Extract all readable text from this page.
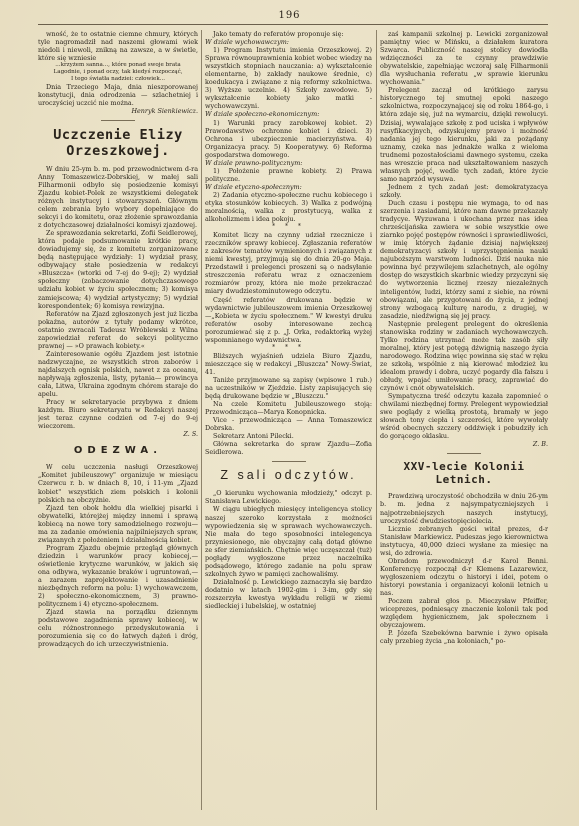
196

wność, że to ostatnie ciemne chmury, których tyle nagromadził nad naszemi głowami wiek niedoli i niewoli, znikną na zawsze, a w świetle, które się wzniesie

...krzyżem sanna..., które ponad swoje brata
Lagodnie, i ponad oczy, tak kiedyś rozpocząć,
I tego światła nadziei: człowiek...

Dnia Trzeciego Maja, dnia nieszporowanej konstytucji, dnia odrodzenia — szlachetniej i uroczyściej uczcić nie można.

Henryk Sienkiewicz.
Uczczenie Elizy Orzeszkowej.

W dniu 25-ym b. m. pod przewodnictwem d-ra Anny Tomaszewicz-Dobrskiej, w małej sali Filharmonii odbyło się posiedzenie komisyi Zjazdu kobiet-Polek ze wszystkiemi delegatek różnych instytucyj i stowarzyszeń. Głównym celem zebrania było wybory dopełniające do sekcyi i do komitetu, oraz złożenie sprawozdania z dotychczasowej działalności komisyi zjazdowej.

Ze sprawozdania sekretarki, Zofii Seidlerowej, która podaje podsumowanie krótkie pracy, dowiadujemy się, że z komitetu zorganizowane będą następujące wydziały: 1) wydział prasy, odbywający stałe posiedzenia w redakcyi »Bluszcza« (wtorki od 7-ej do 9-ej); 2) wydział społeczny (zobaczowanie dotychczasowego udziału kobiet w życiu społecznem; 3) komisya zamiejscowa; 4) wydział artystyczny; 5) wydział korespondentek; 6) komisya rewizyjna.

Referatów na Zjazd zgłoszonych jest już liczba pokaźna, autorów z tytuły podamy wkrótce, ostatnio zwracali Tadeusz Wróblewski z Wilna zapowiedział referat do sekcyi polityczno prawnej — »O prawach kobiety.«

Zainteresowanie ogółu Zjazdem jest istotnie nadzwyczajne, ze wszystkich stron zaborów i najdalszych ognisk polskich, nawet z za oceanu, napływają zgłoszenia, listy, pytania— prowincya cała, Litwa, Ukraina zgodnym chórem staraje do apelu.

Pracy w sekretaryacie przybywa z dniem każdym. Biuro sekretaryatu w Redakcyi naszej jest teraz czynne codzień od 7-ej do 9-ej wieczorem.

Z. S.
ODEZWA.

W celu uczczenia nasługi Orzeszkowej „Komitet jubileuszowy" organizuje w miesiącu Czerwcu r. b. w dniach 8, 10, i 11-ym „Zjazd kobiet" wszystkich ziem polskich i kolonii polskich na obczyźnie.

Zjazd ten obok hołdu dla wielkiej pisarki i obywatelki, którejżej między innemi i sprawą kobiecą na nowe tory samodzielnego rozwoju—ma za zadanie omówienia najpilniejszych spraw, związanych z położeniem i działalnością kobiet.

Program Zjazdu obejmie przegląd głównych dziedzin i warunków pracy kobiecej,—oświetlenie krytyczne warunków, w jakich się ona odbywa, wykazanie braków i ugruntowań,—a zarazem zaprojektowanie i uzasadnienie niezbędnych reform na polu: 1) wychowawczem, 2) społeczno-ekonomicznem, 3) prawno-politycznem i 4) etyczno-społecznem.

Zjazd stawia na porządku dziennym podstawowe zagadnienia sprawy kobiecej, w celu różnostronnego przedyskutowania i porozumienia się co do łatwych dążeń i dróg, prowadzących do ich urzeczywistnienia.

Jako tematy do referatów proponuje się:

W dziale wychowawczym:

1) Program Instytutu imienia Orzeszkowej. 2) Sprawa równouprawnienia kobiet wobec wiedzy na wszystkich stopniach nauczania: a) wykształcenie elementarne, b) zakłady naukowe średnie, c) koedukacya i związane z nią reformy szkolnictwa. 3) Wyższe uczelnie. 4) Szkoły zawodowe. 5) wykształcenie kobiety jako matki - wychowawczyni.

W dziale społeczno-ekonomicznym:

1) Warunki pracy zarobkowej kobiet. 2) Prawodawstwo ochronne kobiet i dzieci. 3) Ochrona i ubezpieczenie macierzyństwa. 4) Organizacya pracy. 5) Kooperatywy. 6) Reforma gospodarstwa domowego.

W dziale prawno-politycznym:

1) Położenie prawne kobiety. 2) Prawa polityczne.

W dziale etyczno-społecznym:

2) Zadania etyczno-społeczne ruchu kobiecego i etyka stosunków kobiecych. 3) Walka z podwójną moralnością, walka z prostytucyą, walka z alkoholizmem i idea pokoju.

* * *

Komitet liczy na czynny udział rzecznicze i rzeczników sprawy kobiecej. Zgłaszania referatów z zakresów tematów wymienionych i związanych z niemi kwestyj, przyjmują się do dnia 20-go Maja. Przedstawił i prelegenci proszeni są o nadsyłanie streszczenia referatu wraz z oznaczeniem rozmiarów prozy, która nie może przekraczać miary dwudziestominutowego odczytu.

Część referatów drukowana będzie w wydawnictwie jubileuszowem imienia Orzeszkowej—„Kobieta w życiu społecznem." W kwestyi druku referatów osoby interesowane zechcą porozumiewać się z p. „J. Orka, redaktorką wyżej wspomnianego wydawnictwa.

* * *

Bliższych wyjaśnień udziela Biuro Zjazdu, mieszczące się w redakcyi „Bluszcza" Nowy-Świat, 41.

Taniże przyjmowane są zapisy (wpisowe 1 rub.) na uczestników w Zjeździe. Listy zapisujących się będą drukowane będzie w „Bluszczu."

Na czele Komitetu Jubileuszowego stoją: Przewodnicząca—Marya Konopnicka.

Vice - przewodnicząca — Anna Tomaszewicz Dobrska.

Sekretarz Antoni Pilecki.

Główna sekretarka do spraw Zjazdu—Zofia Seidlerowa.

Z sali odczytów.

„O kierunku wychowania młodzieży," odczyt p. Stanisława Lewickiego.

W ciągu ubiegłych miesięcy inteligencya stolicy naszej szeroko korzystała z możności wypowiedzenia się w sprawach wychowawczych. Nie mała do tego sposobności intelegencya przyniesionego, nie obyczajny całą dotąd główne ze sfer ziemiańskich. Chętnie więc uczęszczał (tuż) pogłądy wygłoszone przez naczelnika podsądowego, którego zadanie na polu spraw szkolnych żywo w pamięci zachowaliśmy.

Działalność p. Lewickiego zaznaczyła się bardzo dodatnio w latach 1902-gim i 3-im, gdy się rozszerzyła kwestya wykładu religii w ziemi siedleckiej i lubelskiej, w ostatniej

zaś kampanii szkolnej p. Lewicki zorganizował pamiętny wiec w Mińsku, a działałem kuratora Szwarca. Publiczność naszej stolicy dowiodła wdzięczności za te czynny prawdziwie obywatelskie, zapełniając wczoraj salę Filharmonii dla wysłuchania referatu „w sprawie kierunku wychowania."

Prelegent zaczął od krótkiego zarysu historycznego tej smutnej epoki naszego szkolnictwa, rozpoczynającej się od roku 1864-go, i która zdaje się, już na wymarciu, dzięki rewolucyi. Dzisiaj, wywalające szkołę z pod uciska i wpływów rusyfikacyjnych, odzyskujemy prawo i możność nadania jej tego kierunku, jaki za pożądany uznamy, czeka nas jednakże walka z wieloma trudnemi pozostałościami dawnego systemu, czeka nas wreszcie praca nad ukształtowaniem naszych własnych pojęć, wedle tych zadań, które życie samo naprzód wysuwa.

Jednem z tych zadań jest: demokratyzacya szkoły.

Duch czasu i postępu nie wymaga, to od nas szerzenia i zasiadami, które nam dawne przekazały tradycye. Wyzuwana i ukochana przez nas idea chrześcijańska zawiera w sobie wszystkie owe ziarnko pojęć postępów równości i sprawiedliwości, w imię których żądanie dzisiaj największej demokratyzacyi szkoły i uprzystępnienia nauki najuboższym warstwom ludności. Dziś nauka nie powinna być przywilejem szlachetnych, ale ogólny dostęp do wszystkich skarbnic wiedzy przyczyni się do wytworzenia licznej rzeszy niezależnych inteligentów, ludzi, którzy sami z siebie, na równi obowiązani, ale przygotowani do życia, z jednej strony wzbogacą kulturę narodu, z drugiej, w zasadzie, niedźwigną się jej pracy.

Następnie prelegent prelegent do określenia stanowiska rodziny w zadaniach wychowawczych. Tylko rodzina utrzymać może tak zasób siły moralnej, który jest potęgą dźwignią naszego życia narodowego. Rodzina więc powinna się stać w ręku ze szkołą, wspólnie z nią kierować młodzież ku idealom prawdy i dobra, uczyć pogardy dla fałszu i obłudy, wpajać umiłowanie pracy, zaprawiać do czynów i cnót obywatelskich.

Sympatyczna treść odczytu kazała zapomnieć o chwilami niezbędnej formy. Prelegent wypowiedział swe poglądy z wielką prostotą, bramały w jego słowach tony ciepła i szczerości, które wywołały wśród obecnych szczery oddźwięk i pobudziły ich do gorącego oklasku.

Z. B.
XXV-lecie Kolonii Letnich.

Prawdziwą uroczystość obchodziła w dniu 26-ym b. m. jedna z najsympatyczniejszych i najpotrzebniejszych naszych instytucyj, uroczystość dwudziestopięciolecia.

Licznie zebranych gości witał prezes, d-r Stanisław Markiewicz. Pudeszas jego kierownictwa instytucya, 40,000 dzieci wysłane za miesięc na wsi, do zdrowia.

Obradom przewodniczył d-r Karol Benni. Konferencyę rozpoczął d-r Klemens Lazarewicz, wygłoszeniem odczytu o historyi i idei, potem o historyi powstania i organizacyi kolonii letnich u nas.

Poczem zabrał głos p. Mieczysław Pfeiffer, wiceprezes, podniesący znaczenie kolonii tak pod względem hygienicznem, jak społecznem i obyczajowem.

P. Józefa Szebekówna barwnie i żywo opisała cały przebieg życia „na koloniach," po-
